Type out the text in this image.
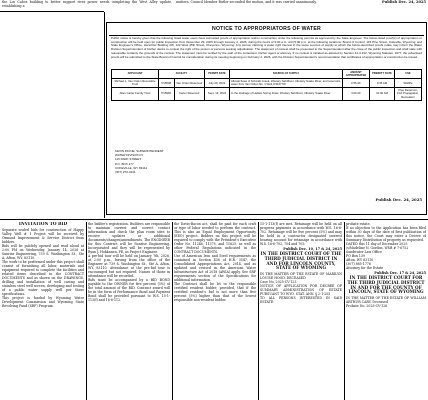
the Los Cabos building to better support river power needs completing the West Alley update, establishing a

matters. Council Member Butler seconded the motion, and it was carried unanimously.	Publish Dec. 24, 2025
NOTICE TO APPROPRIATORS OF WATER

Public notice is hereby given that the following listed water users have submitted proofs of appropriation and/or construction under the following permits as approved by the State Engineer. The below-listed proof(s) of appropriation or construction will be held open for public inspection from December 29, 2025 through January 2, 2026, during the hours of 9:00 a.m. until 5:00 p.m. at the following locations: Board of Control, 115 Pine Street, Cokeville, Wyoming; and State Engineer's Office, Herschler Building 2W, 122 West 25th Street, Cheyenne, Wyoming. Any person claiming a water right interest in the same sources of supply to which the below-described proofs relate may inform the Water Division Superintendent of his/her desire to contest the right of the person or persons seeking adjudication. The statement of contest shall be presented to the Superintendent after the close of the public inspection and shall state with reasonable certainty the grounds of the contest. The statement must be verified by the oath of the contestant, his/her agent or attorney. If no contest is initiated as allowed by Section 41-4-312, Wyoming Statutes, 1977, the advertised proofs will be submitted to the State Board of Control for consideration during its meeting beginning on February 2, 2026, with the Division Superintendent's recommendation that certificates of appropriation or construction be issued.

APPLICANT	FACILITY		PERMIT DATE	SOURCE OF SUPPLY	AMOUNT APPROPRIATED	PRIORITY DATE	USE
Michael L. Van Orden Revocable Trust	P15508	Van Orden Reservoir	July 29, 2023	Alluvial flows of Schmidt Creek, tributary Salt River, tributary Snake River, and reservoirs water from Van Orden No. 1 Well, P31677W	0.55 AF	9:35 AM	Wildlife
Allen Carter Family Trust	P15966	Carter Reservoir	Sept. 12, 2024	In the drainage of Hellam Spring Draw, tributary Salt River, tributary Snake River	4.00 AF	10:00 AM	Pipe Reservoir, Fish Propagation, Recreation
KEVIN PAYNE, SUPERINTENDENT
WATER DIVISION IV
115 PARK STREET
P.O. BOX 277
COKEVILLE, WY 83114
(307) 279-3441
Publish Dec. 24, 2025
INVITATION TO BID

Separate sealed bids for construction of Happy Valley Well # 1 Project will be received by Osmond Improvement & Service District from bidders.

Bids will be publicly opened and read aloud at 2:00 PM on Wednesday, January 14, 2026 at Sunrise Engineering, 739 S. Washington St., Ste A, Afton, WY, 83110.

The work to be performed under this project shall consist of furnishing all labor, materials and equipment required to complete the facilities and related items described in the CONTRACT DOCUMENTS and as shown on the DRAWINGS, drilling and installation of well casing and stainless steel well screen, developing and testing of a public water supply well per these specifications.

This project is funded by Wyoming Water Development Commission and Wyoming State Revolving Fund (SRF) Program.

the bidder's registration. Builders are responsible to maintain current and correct contact information and check the plan room sites to receive updates or additional documents/changes/amendments. The ENGINEER for this Contract will be Sunrise Engineering, Incorporated and they will be represented by Ryan J. Hokkanen, PE, as Project Engineer.

A pre-bid tour will be held on January 7th, 2026, at 2:00 p.m., leaving from the office of the Engineer at 739 S. Washington St., Ste A, Afton, WY, 83110. Attendance at the pre-bid tour is encouraged but not required. Names of those in attendance will be recorded.

Bids must be accompanied by a BID BOND payable to the OWNER for five percent (5%) of the total amount of the BID. Contract award will be in the form of Performance Bond and Payment Bond shall be provided pursuant to W.S. 15-1-113(f) and 16-6-112.

the Davis-Bacon act, shall be paid for each craft or type of labor needed to perform the contract. This is also an Equal Employment Opportunity (EEO) project. Bidders on this project will be required to comply with the President's Executive Order No. 11246, 11375, and 11625, as well as other Federal Regulations indicated in the CONTRACT DOCUMENTS.

Use of American Iron and Steel requirements as contained in Section 436 of H.R. 3547, the Consolidated Appropriations Act, 2014, and as updated and revised in the American Water Infrastructure Act of 2018 (AWIA) apply. See SRF requirements section of the Specifications for additional information.

The Contract shall be let to the responsible certified resident bidder; provided, that if the certified resident's bid is not more than five percent (5%) higher than that of the lowest responsible non-resident bidder.

15-1-113(f) are met. Retainage will be held on all progress payments in accordance with W.S. 16-6-702. Retainage will be five percent (5%) and may be held in a contractor designated interest bearing account for retainage in accordance with W.S. 16-6-702, 704 and 705.

Publish Dec. 10, 17 & 24, 2025
IN THE DISTRICT COURT OF THE THIRD JUDICIAL DISTRICT IN AND FOR LINCOLN COUNTY, STATE OF WYOMING

IN THE MATTER OF THE ESTATE OF MARILYN LOUISE HOOD, DECEASED

Case No. 2025-CV-123

NOTICE OF APPLICATION FOR DECREE OF SUMMARY ADMINISTRATION OF ESTATE PURSUANT TO WYO. STAT. ANN. § 2-1-205

TO ALL PERSONS INTERESTED IN SAID ESTATE:

probate estate.

If no objection to the Application has been filed within 30 days of the date of first publication of this notice, the Court may enter a Decree of Summary Distribution of property as requested.

DATED this 11 day of December 2025.

/s/Madeline N. Gordon, WSB # 7-6752

Sandwater Law Office

PO Box 139

Afton, WY 83110

(307) 885-1776

Attorney for the Estate

Publish Dec. 17 & 24, 2025
IN THE DISTRICT COURT FOR THE THIRD JUDICIAL DISTRICT IN AND FOR THE COUNTY OF LINCOLN, STATE OF WYOMING

IN THE MATTER OF THE ESTATE OF WILLIAM ARTHUR CARY, Deceased

Probate No. 2025-CV-126
